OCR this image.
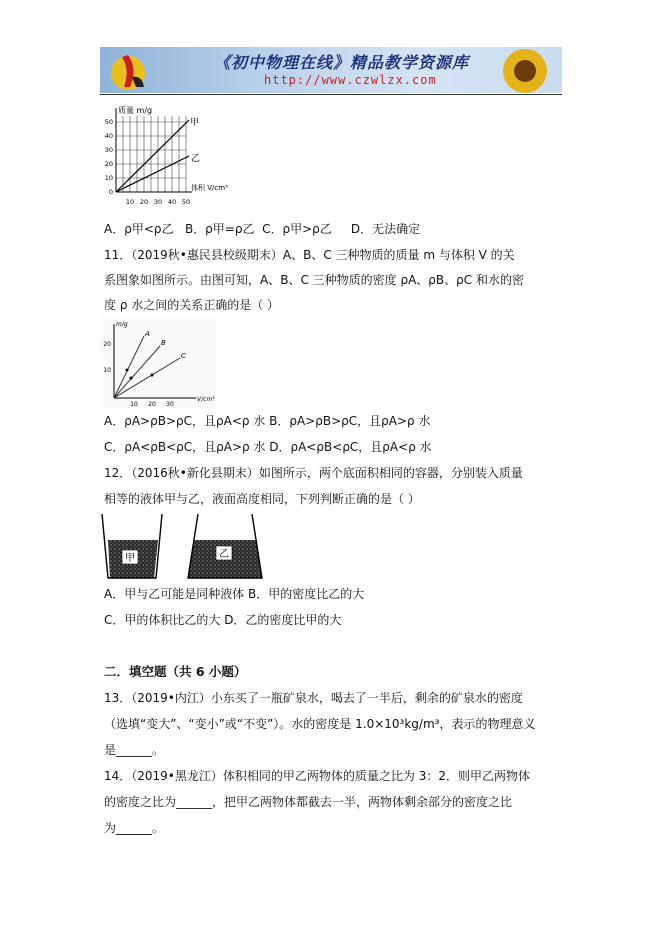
《初中物理在线》精品教学资源库
http://www.czwlzx.com
质量 m/g
甲
乙
体积 V/cm³
50
40
30
20
10
0
10 20 30 40 50
A．ρ甲<ρ乙 B．ρ甲=ρ乙 C．ρ甲>ρ乙 D．无法确定
11．（2019秋•惠民县校级期末）A、B、C 三种物质的质量 m 与体积 V 的关
系图象如图所示。由图可知，A、B、C 三种物质的密度 ρA、ρB、ρC 和水的密
度 ρ 水之间的关系正确的是（ ）
m/g
A
B
C
V/cm³
20
10
10 20 30
A．ρA>ρB>ρC，且ρA<ρ 水 B．ρA>ρB>ρC，且ρA>ρ 水
C．ρA<ρB<ρC，且ρA>ρ 水 D．ρA<ρB<ρC，且ρA<ρ 水
12．（2016秋•新化县期末）如图所示，两个底面积相同的容器，分别装入质量
相等的液体甲与乙，液面高度相同，下列判断正确的是（ ）
甲	乙
A．甲与乙可能是同种液体 B．甲的密度比乙的大
C．甲的体积比乙的大 D．乙的密度比甲的大
二．填空题（共 6 小题）
13．（2019•内江）小东买了一瓶矿泉水，喝去了一半后，剩余的矿泉水的密度
（选填“变大”、“变小”或“不变”）。水的密度是 1.0×10³kg/m³，表示的物理意义
是______。
14．（2019•黑龙江）体积相同的甲乙两物体的质量之比为 3：2．则甲乙两物体
的密度之比为______，把甲乙两物体都截去一半，两物体剩余部分的密度之比
为______。
